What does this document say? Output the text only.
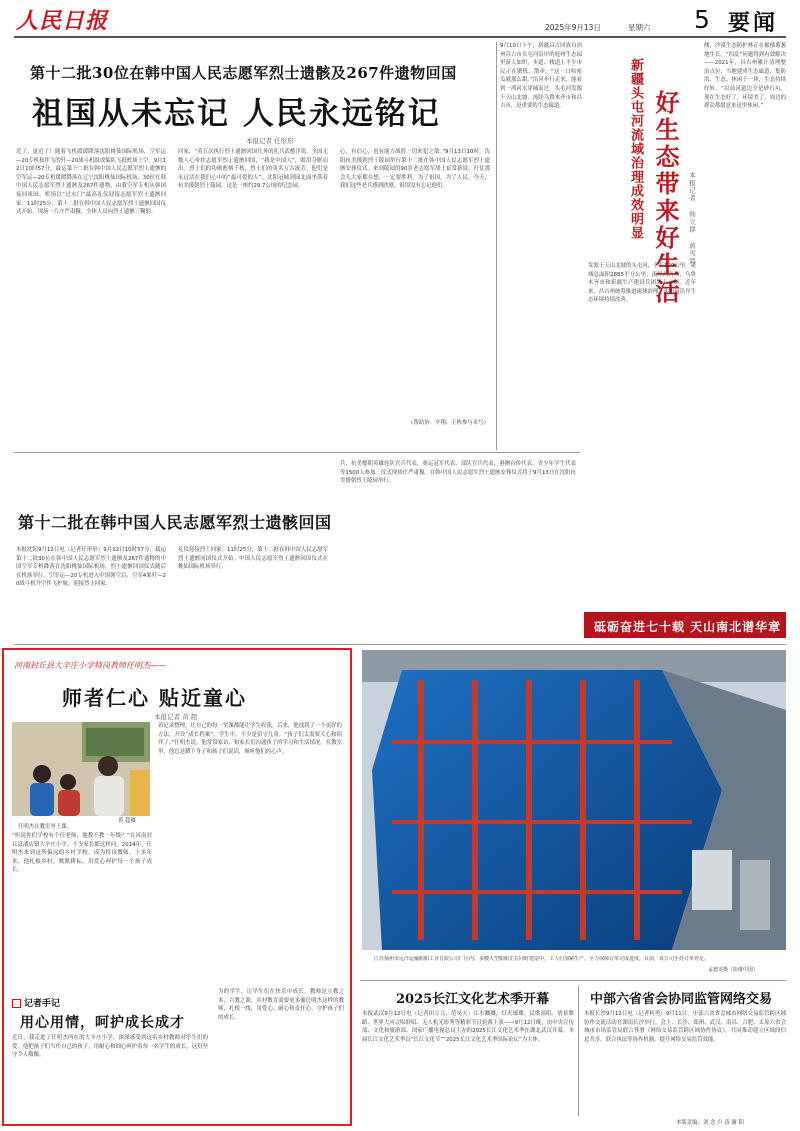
人民日报	2025年9月13日	星期六 5 要闻
第十二批30位在韩中国人民志愿军烈士遗骸及267件遗物回国
祖国从未忘记 人民永远铭记
本报记者 任形形
近了，更近了！随着飞机缓缓降落沈阳桃仙国际机场，空军运—20专机和伴飞的歼—20战斗机组成编队飞抵机场上空。9月12日10时57分，载运第十二批在韩中国人民志愿军烈士遗骸的空军运—20专机缓缓降落在辽宁沈阳桃仙国际机场，30位在韩中国人民志愿军烈士遗骸及267件遗物，由我空军专机从韩国接回祖国。机场以“过水门”最高礼仪迎接志愿军烈士遗骸回家。11时25分，第十二批在韩中国人民志愿军烈士遗骸回国仪式开始。现场一片庄严肃穆，全体人员向烈士遗骸三鞠躬。
回家，“英五次执行烈士遗骸回国任务的礼兵武楷洋说。全国无数人心牵挂志愿军烈士遗骸回国，“我是中国人”，眼泪夺眶而出。烈士们的功勋彪炳千秋，烈士们的英名万古流芳。他们是永远活在我们心中的“最可爱的人”。沈阳冠城剑园北面坐落着抗美援朝烈士陵园，这是一座约29.7公顷的纪念园。
心，有信心，也有能力战胜一切来犯之敌。”9月13日10时，沈阳抗美援朝烈士陵园举行第十二批在韩中国人民志愿军烈士遗骸安葬仪式。来到陵园的90岁老志愿军战士崔常新说，打仗那会儿大家都在想，一定要胜利，为了祖国，为了人民。今天，我们这些老兵感到欣慰，祖国没有忘记他们。
（帮助协：辛翔、王栋参与采写）
9月10日下午，新疆昌吉回族自治州昌吉市头屯河沿岸的庭州生态园里游人如织，步道、栈道上不少市民正在锻炼、散步。“这一口哈密瓜就那么甜。”沿河步行走来，能看到一湾河水穿城而过。头屯河发源于天山北坡，流经乌鲁木齐市和昌吉市，是重要的生态廊道。	新疆头屯河流域治理成效明显 好生态带来好生活	本报记者 韩立群 蒋雪鸿
发源于天山北坡的头屯河，全长190公里，流域总面积2885平方公里，流经昌吉州、乌鲁木齐市和新疆生产建设兵团第十二师。近年来，昌吉州统筹推进流域治理，头屯河沿岸生态环境持续改善。
侧，沙漠生态防护林正在郁郁葱葱地生长。“四乱”问题得到有效解决——2021年，昌吉州累计清理整治点位；当地建成生态廊道，集防洪、生态、休闲于一体，生态持续好转。“以前河道边全是砂石坑，现在生态好了，环境美了，周边的群众都愿意来这里休闲。”
砥砺奋进七十载 天山南北谱华章
第十二批在韩中国人民志愿军烈士遗骸回国
本报沈阳9月12日电（记者任形形）9月12日10时57分，载运第十二批30位在韩中国人民志愿军烈士遗骸及267件遗物的中国空军专机降落在沈阳桃仙国际机场，烈士遗骸回国仪式随后在机场举行。空军运—20专机进入中国领空后，空军4架歼—20战斗机升空伴飞护航，迎接烈士回家。
礼仪迎接烈士回家。11时25分，第十二批在韩中国人民志愿军烈士遗骸回国仪式开始。中国人民志愿军烈士遗骸回国仪式在桃仙国际机场举行。
兵，抗美援朝英雄连队官兵代表，奥运冠军代表，部队官兵代表，港澳台侨代表，青少年学生代表等1500人参加。仪式现场庄严肃穆。在韩中国人民志愿军烈士遗骸安葬仪式将于9月13日在沈阳抗美援朝烈士陵园举行。
河南封丘县大辛庄小学特岗教师任明杰——
师者仁心 贴近童心
本报记者 黄 超
任明杰在教室里上课。
黄 超摄
“听说你们学校有个任老师，他教不教一年级？”在河南封丘县潘店镇大辛庄小学，不少家长都这样问。2014年，任明杰来到这所偏远的乡村学校，成为特岗教师。十多年来，他扎根乡村，默默耕耘，用爱心呵护每一个孩子成长。
着记录整理，让自己的每一堂课都能让学生收获。后来，他找到了一个更好的方法，开设“成长档案”。学生中，不少是留守儿童。“孩子们太需要关心和陪伴了。”任明杰说。他常常家访，和家长们沟通孩子的学习和生活情况。在教室里，他总是蹲下身子和孩子们说话，倾听他们的心声。
记者手记
用心用情，呵护成长成才
近日，我走进了任明杰所在的大辛庄小学，深深感受到这名乡村教师对学生们的爱。他把孩子们当作自己的孩子，用耐心和细心呵护着每一名学生的成长，这份坚守令人敬佩。
为的学生，让学生们在快乐中成长。教师是立教之本、兴教之源。乡村教育需要更多像任明杰这样的教师，扎根一线，用爱心、耐心和责任心，守护孩子们的成长。
江苏扬州市远洋运输船舶工业有限公司厂区内，多艘大型船舶正在同时建造中，工人们加紧生产，全力保障订单完成进度。目前，该公司手持订单充足。
孟德龙摄（影像中国）
2025长江文化艺术季开幕
本报武汉9月12日电（记者田豆豆、范昊天）江水溅溅，灯火璀璨。民歌演唱、情景舞蹈、世界大河合唱联唱、无人机光影秀等精彩节目轮番上演——9月12日晚，由中央宣传部、文化和旅游部、国家广播电视总局主办的2025长江文化艺术季在湖北武汉开幕。本届长江文化艺术季以“长江文化节”“2025长江文化艺术季国际论坛”为主体。
中部六省省会协同监管网络交易
本报长沙9月12日电（记者何勇）9月11日，中部六省省会城市网络交易监管跨区域协作交流活动在湖南长沙举行。会上，长沙、郑州、武汉、南昌、合肥、太原六省会城市市场监管局联合签署《网络交易监管跨区域协作协议》，共同推动建立区域间信息共享、联合执法等协作机制，提升网络交易监管效能。
本版责编：刘 念 卢 涛 谢 阳
